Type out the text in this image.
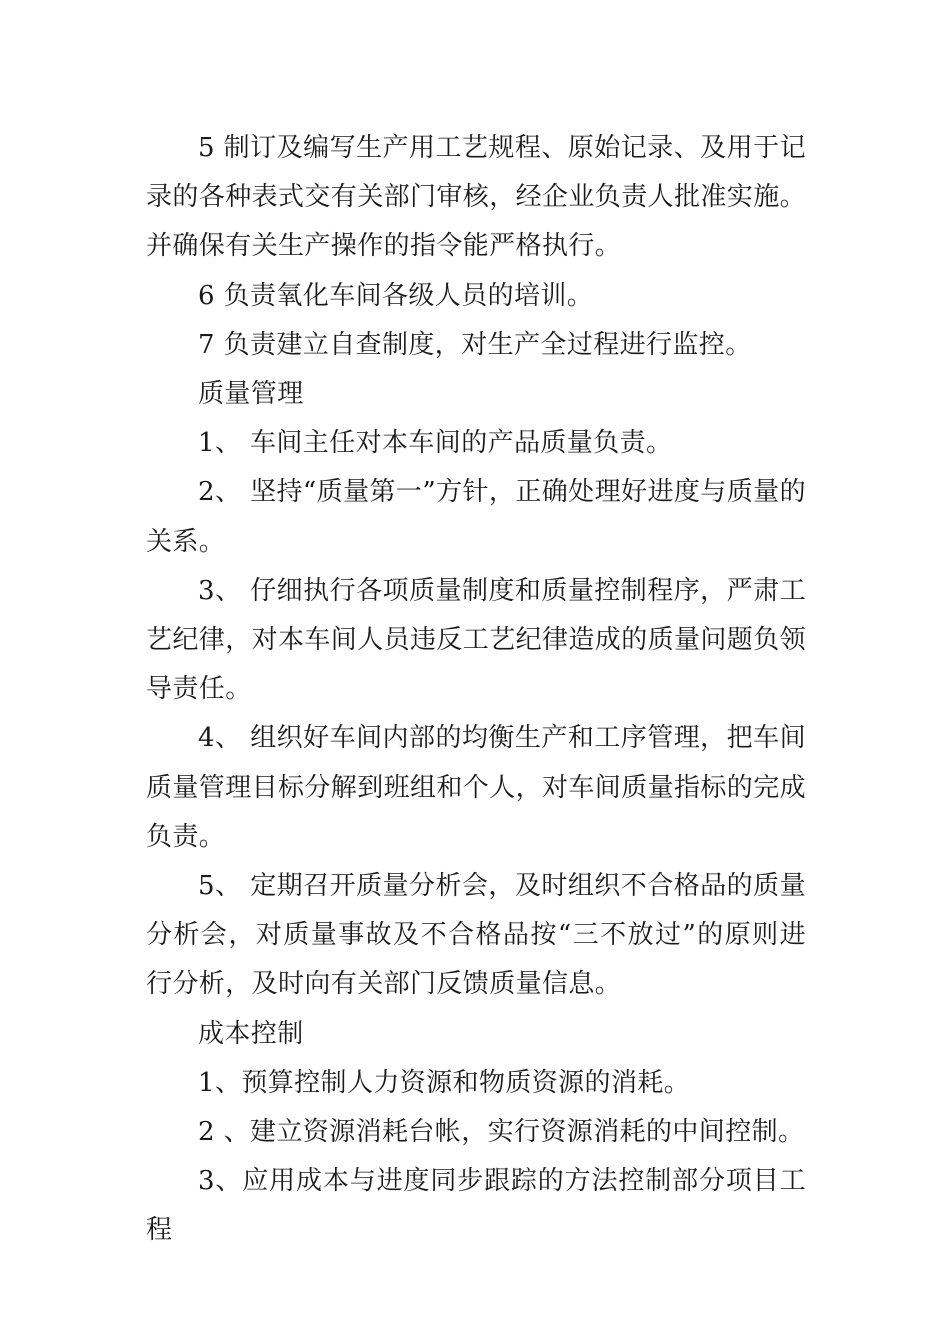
5 制订及编写生产用工艺规程、原始记录、及用于记录的各种表式交有关部门审核，经企业负责人批准实施。并确保有关生产操作的指令能严格执行。

6 负责氧化车间各级人员的培训。

7 负责建立自查制度，对生产全过程进行监控。

质量管理

1、 车间主任对本车间的产品质量负责。

2、 坚持“质量第一”方针，正确处理好进度与质量的关系。

3、 仔细执行各项质量制度和质量控制程序，严肃工艺纪律，对本车间人员违反工艺纪律造成的质量问题负领导责任。

4、 组织好车间内部的均衡生产和工序管理，把车间质量管理目标分解到班组和个人，对车间质量指标的完成负责。

5、 定期召开质量分析会，及时组织不合格品的质量分析会，对质量事故及不合格品按“三不放过”的原则进行分析，及时向有关部门反馈质量信息。

成本控制

1、预算控制人力资源和物质资源的消耗。

2 、建立资源消耗台帐，实行资源消耗的中间控制。

3、应用成本与进度同步跟踪的方法控制部分项目工程
